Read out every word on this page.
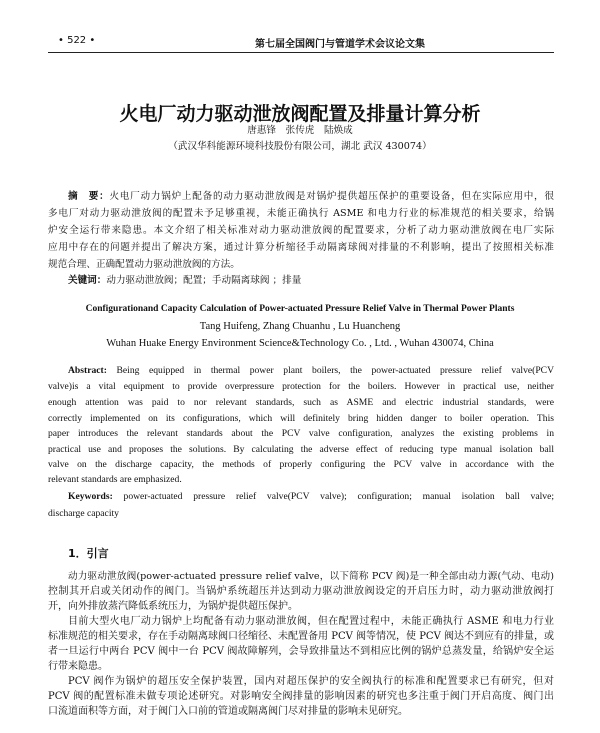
• 522 •	第七届全国阀门与管道学术会议论文集
火电厂动力驱动泄放阀配置及排量计算分析
唐惠锋　张传虎　陆焕成
（武汉华科能源环境科技股份有限公司，湖北 武汉 430074）
摘　要：火电厂动力锅炉上配备的动力驱动泄放阀是对锅炉提供超压保护的重要设备，但在实际应用中，很
多电厂对动力驱动泄放阀的配置未予足够重视，未能正确执行 ASME 和电力行业的标准规范的相关要求，给锅
炉安全运行带来隐患。本文介绍了相关标准对动力驱动泄放阀的配置要求，分析了动力驱动泄放阀在电厂实际
应用中存在的问题并提出了解决方案，通过计算分析缩径手动隔离球阀对排量的不利影响，提出了按照相关标准
规范合理、正确配置动力驱动泄放阀的方法。
关键词：动力驱动泄放阀；配置；手动隔离球阀 ；排量
Configurationand Capacity Calculation of Power-actuated Pressure Relief Valve in Thermal Power Plants
Tang Huifeng, Zhang Chuanhu , Lu Huancheng
Wuhan Huake Energy Environment Science&Technology Co. , Ltd. , Wuhan 430074, China
Abstract: Being equipped in thermal power plant boilers, the power-actuated pressure relief valve(PCV
valve)is a vital equipment to provide overpressure protection for the boilers. However in practical use, neither
enough attention was paid to nor relevant standards, such as ASME and electric industrial standards, were
correctly implemented on its configurations, which will definitely bring hidden danger to boiler operation. This
paper introduces the relevant standards about the PCV valve configuration, analyzes the existing problems in
practical use and proposes the solutions. By calculating the adverse effect of reducing type manual isolation ball
valve on the discharge capacity, the methods of properly configuring the PCV valve in accordance with the
relevant standards are emphasized.
Keywords: power-actuated pressure relief valve(PCV valve); configuration; manual isolation ball valve;
discharge capacity
1．引言
动力驱动泄放阀(power-actuated pressure relief valve，以下简称 PCV 阀)是一种全部由动力源(气动、电动)
控制其开启或关闭动作的阀门。当锅炉系统超压并达到动力驱动泄放阀设定的开启压力时，动力驱动泄放阀打
开，向外排放蒸汽降低系统压力，为锅炉提供超压保护。
目前大型火电厂动力锅炉上均配备有动力驱动泄放阀，但在配置过程中，未能正确执行 ASME 和电力行业
标准规范的相关要求，存在手动隔离球阀口径缩径、未配置备用 PCV 阀等情况，使 PCV 阀达不到应有的排量，或
者一旦运行中两台 PCV 阀中一台 PCV 阀故障解列，会导致排量达不到相应比例的锅炉总蒸发量，给锅炉安全运
行带来隐患。
PCV 阀作为锅炉的超压安全保护装置，国内对超压保护的安全阀执行的标准和配置要求已有研究，但对
PCV 阀的配置标准未做专项论述研究。对影响安全阀排量的影响因素的研究也多注重于阀门开启高度、阀门出
口流道面积等方面，对于阀门入口前的管道或隔离阀门尽对排量的影响未见研究。
